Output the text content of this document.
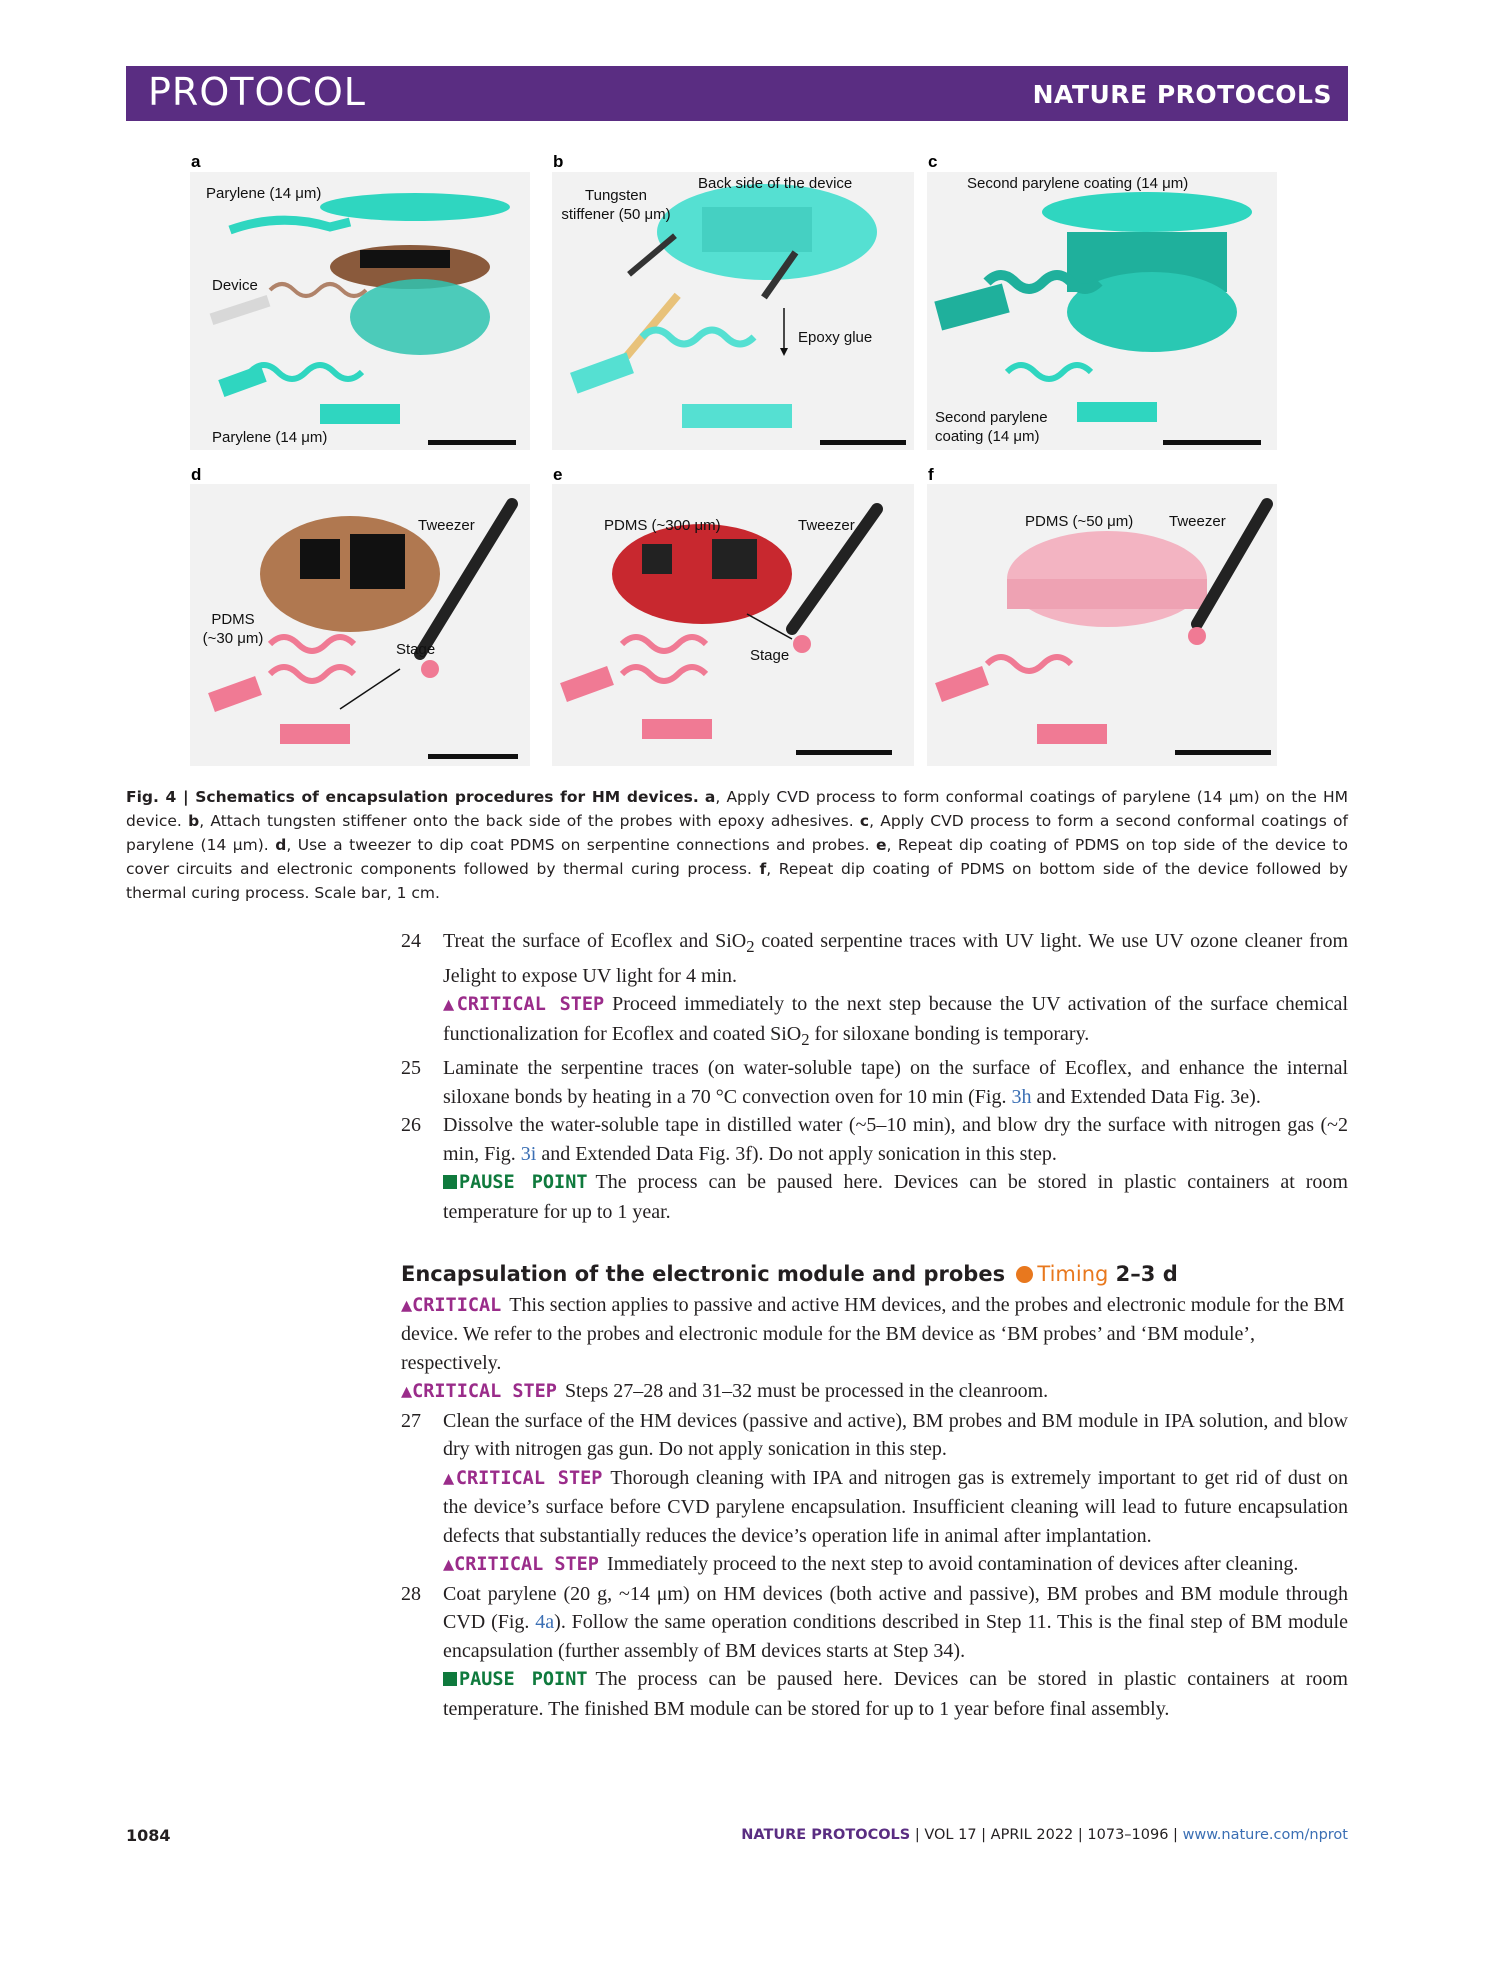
PROTOCOL	NATURE PROTOCOLS
a
Parylene (14 μm)
Device
Parylene (14 μm)
b
Back side of the device
Tungsten
stiffener (50 μm)
Epoxy glue
c
Second parylene coating (14 μm)
Second parylene
coating (14 μm)
d
Tweezer
PDMS
(~30 μm)
Stage
e
PDMS (~300 μm)	Tweezer
Stage
f
PDMS (~50 μm) Tweezer
Fig. 4 | Schematics of encapsulation procedures for HM devices. a, Apply CVD process to form conformal coatings of parylene (14 μm) on the HM device. b, Attach tungsten stiffener onto the back side of the probes with epoxy adhesives. c, Apply CVD process to form a second conformal coatings of parylene (14 μm). d, Use a tweezer to dip coat PDMS on serpentine connections and probes. e, Repeat dip coating of PDMS on top side of the device to cover circuits and electronic components followed by thermal curing process. f, Repeat dip coating of PDMS on bottom side of the device followed by thermal curing process. Scale bar, 1 cm.
24 Treat the surface of Ecoflex and SiO$_2$ coated serpentine traces with UV light. We use UV ozone cleaner from Jelight to expose UV light for 4 min.
▲CRITICAL STEP Proceed immediately to the next step because the UV activation of the surface chemical functionalization for Ecoflex and coated SiO$_2$ for siloxane bonding is temporary.
25 Laminate the serpentine traces (on water-soluble tape) on the surface of Ecoflex, and enhance the internal siloxane bonds by heating in a 70 °C convection oven for 10 min (Fig. 3h and Extended Data Fig. 3e).
26 Dissolve the water-soluble tape in distilled water (~5–10 min), and blow dry the surface with nitrogen gas (~2 min, Fig. 3i and Extended Data Fig. 3f). Do not apply sonication in this step.
PAUSE POINT The process can be paused here. Devices can be stored in plastic containers at room temperature for up to 1 year.
Encapsulation of the electronic module and probes Timing 2–3 d
▲CRITICAL This section applies to passive and active HM devices, and the probes and electronic module for the BM device. We refer to the probes and electronic module for the BM device as ‘BM probes’ and ‘BM module’, respectively.
▲CRITICAL STEP Steps 27–28 and 31–32 must be processed in the cleanroom.
27 Clean the surface of the HM devices (passive and active), BM probes and BM module in IPA solution, and blow dry with nitrogen gas gun. Do not apply sonication in this step.
▲CRITICAL STEP Thorough cleaning with IPA and nitrogen gas is extremely important to get rid of dust on the device’s surface before CVD parylene encapsulation. Insufficient cleaning will lead to future encapsulation defects that substantially reduces the device’s operation life in animal after implantation.
▲CRITICAL STEP Immediately proceed to the next step to avoid contamination of devices after cleaning.
28 Coat parylene (20 g, ~14 μm) on HM devices (both active and passive), BM probes and BM module through CVD (Fig. 4a). Follow the same operation conditions described in Step 11. This is the final step of BM module encapsulation (further assembly of BM devices starts at Step 34).
PAUSE POINT The process can be paused here. Devices can be stored in plastic containers at room temperature. The finished BM module can be stored for up to 1 year before final assembly.
1084	NATURE PROTOCOLS | VOL 17 | APRIL 2022 | 1073–1096 | www.nature.com/nprot
